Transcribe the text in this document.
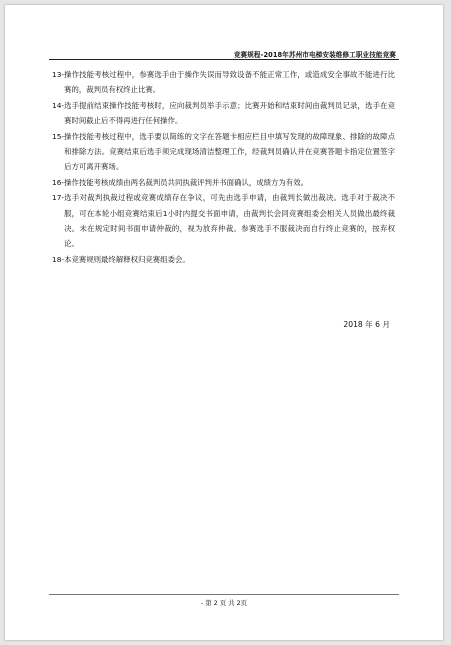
竞赛规程-2018年苏州市电梯安装维修工职业技能竞赛
13- 操作技能考核过程中，参赛选手由于操作失误而导致设备不能正常工作，或造成安全事故不能进行比赛的，裁判员有权终止比赛。
14- 选手提前结束操作技能考核时，应向裁判员举手示意；比赛开始和结束时间由裁判员记录，选手在竞赛时间截止后不得再进行任何操作。
15- 操作技能考核过程中，选手要以简练的文字在答题卡相应栏目中填写发现的故障现象、排除的故障点和排除方法。竞赛结束后选手须完成现场清洁整理工作，经裁判员确认并在竞赛答题卡指定位置签字后方可离开赛场。
16- 操作技能考核成绩由两名裁判员共同执裁评判并书面确认，成绩方为有效。
17- 选手对裁判执裁过程或竞赛成绩存在争议，可先由选手申请，由裁判长做出裁决。选手对于裁决不服，可在本轮小组竞赛结束后1小时内提交书面申请，由裁判长会同竞赛组委会相关人员做出最终裁决。未在规定时间书面申请仲裁的，视为放弃仲裁。参赛选手不服裁决而自行终止竞赛的，按弃权论。
18- 本竞赛规则最终解释权归竞赛组委会。
2018 年 6 月
- 第 2 页 共 2页
